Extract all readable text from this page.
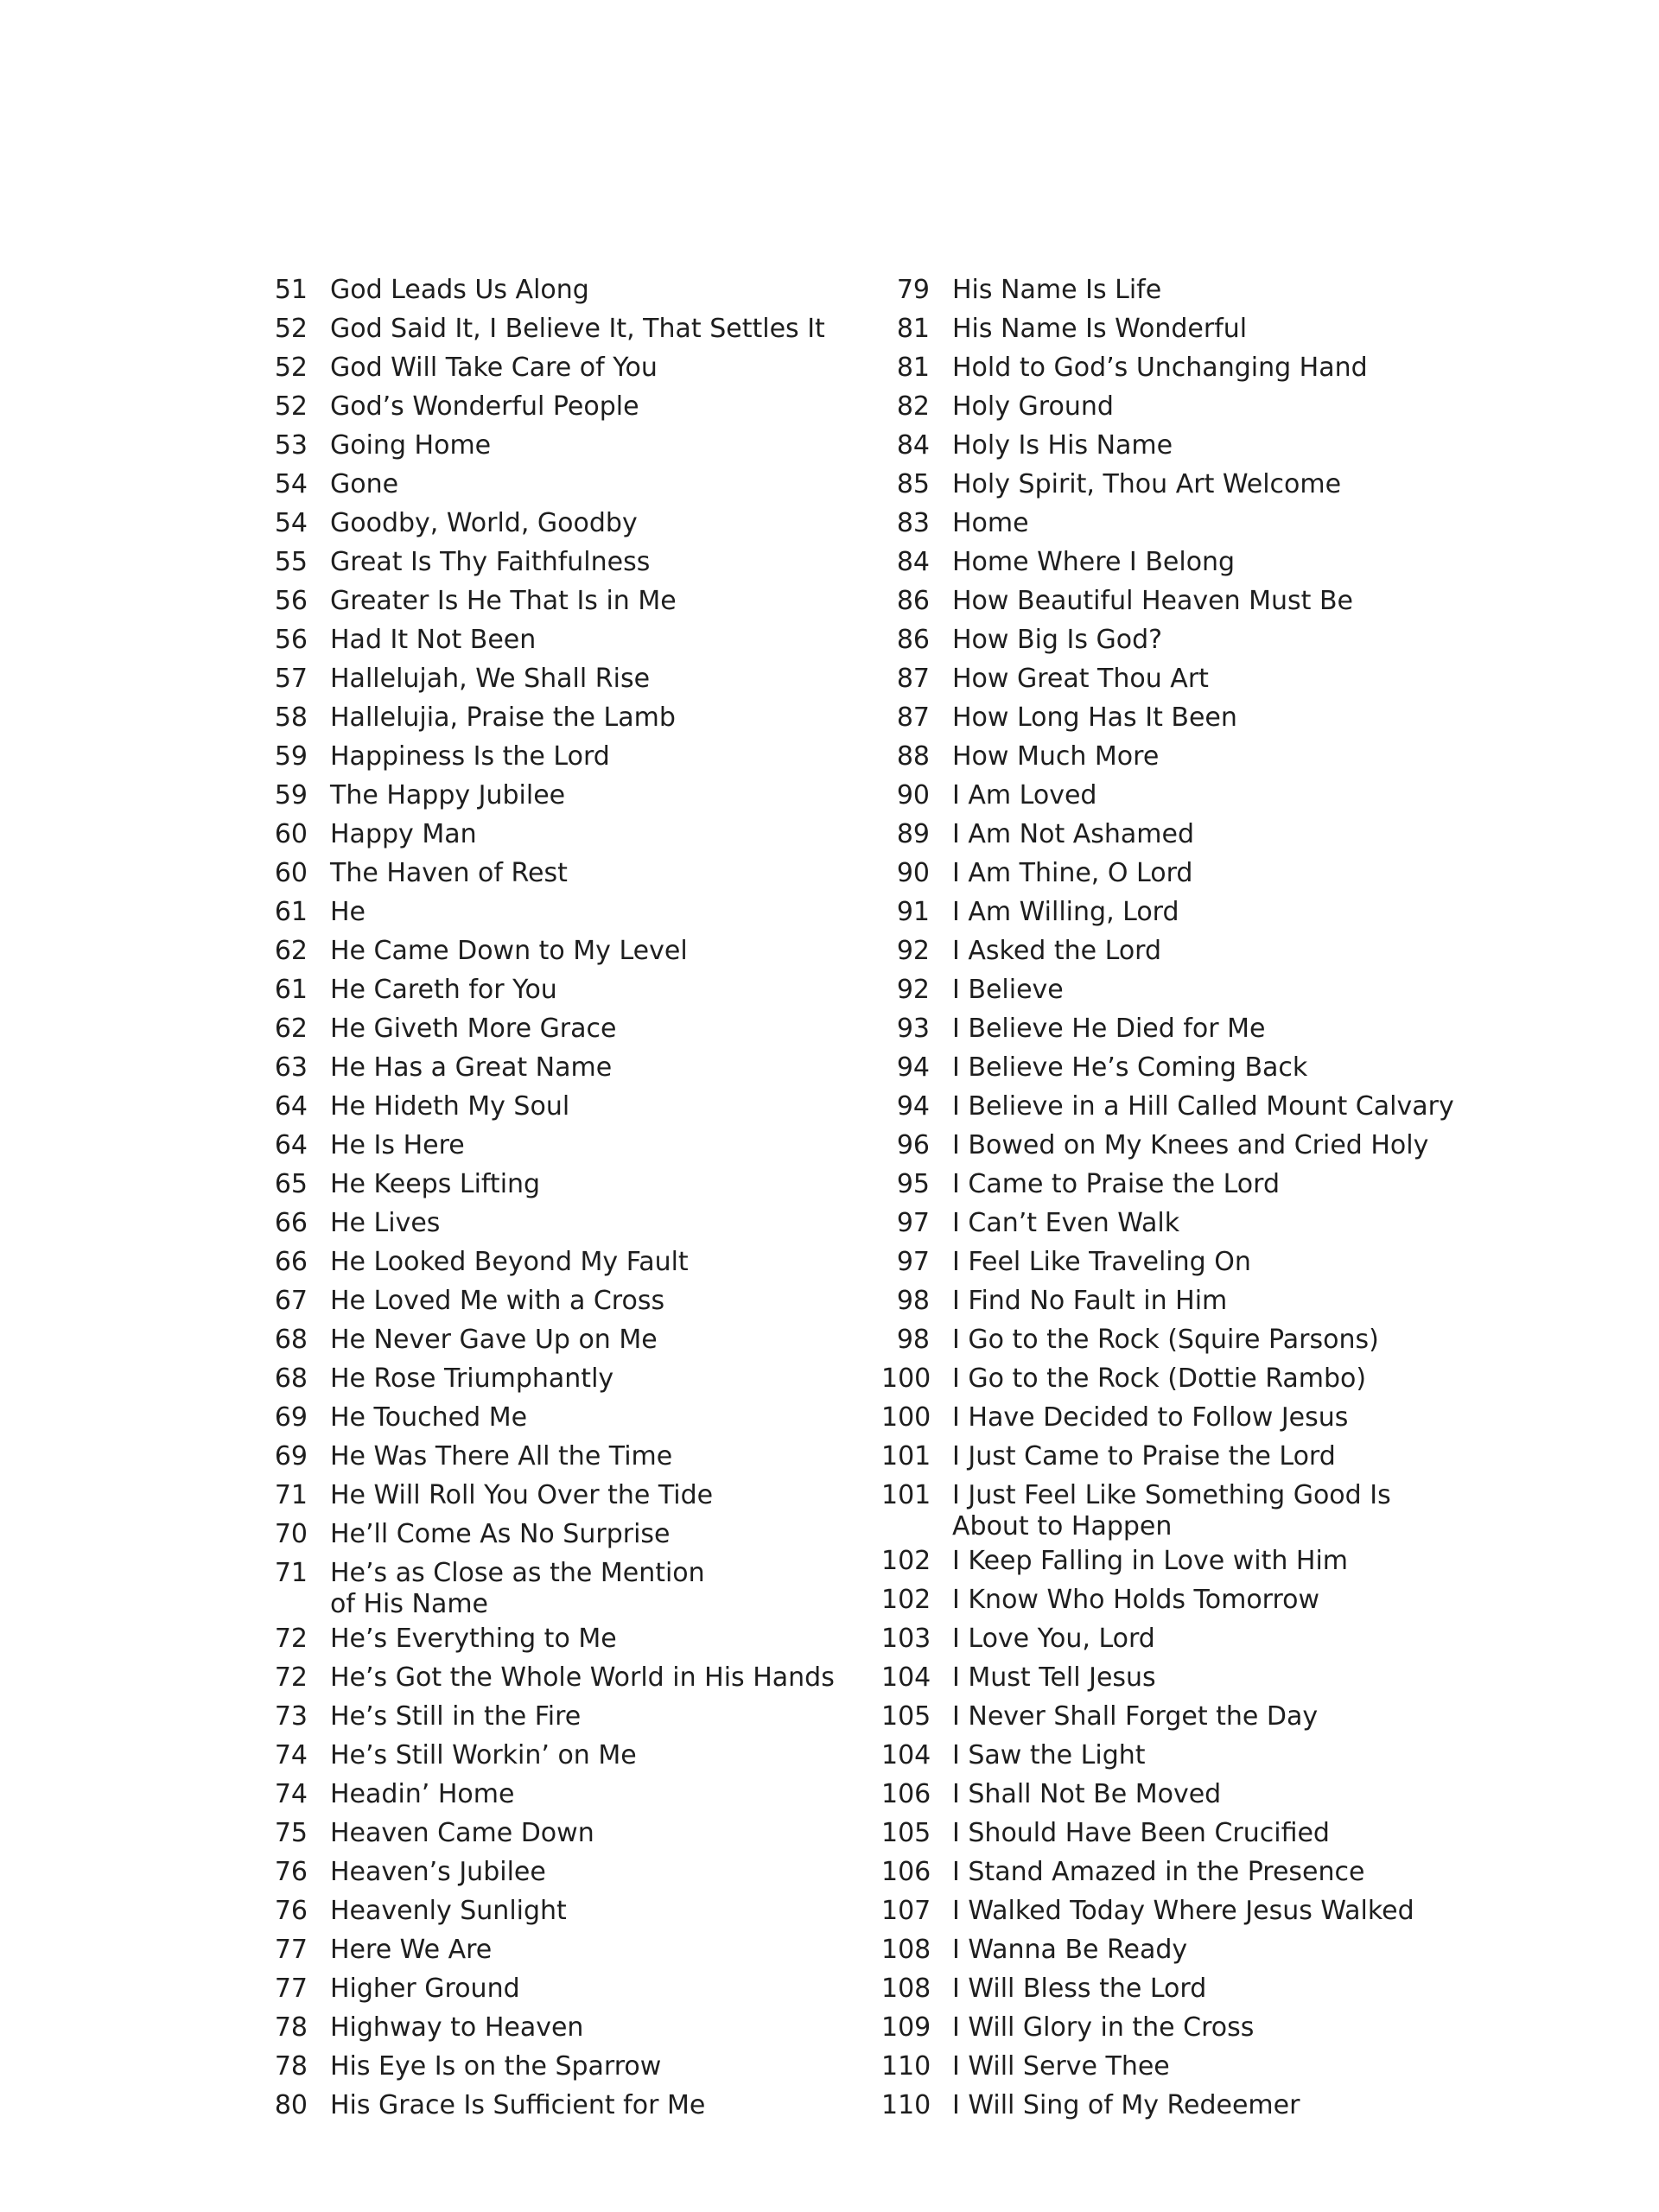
51 God Leads Us Along
52 God Said It, I Believe It, That Settles It
52 God Will Take Care of You
52 God’s Wonderful People
53 Going Home
54 Gone
54 Goodby, World, Goodby
55 Great Is Thy Faithfulness
56 Greater Is He That Is in Me
56 Had It Not Been
57 Hallelujah, We Shall Rise
58 Hallelujia, Praise the Lamb
59 Happiness Is the Lord
59 The Happy Jubilee
60 Happy Man
60 The Haven of Rest
61 He
62 He Came Down to My Level
61 He Careth for You
62 He Giveth More Grace
63 He Has a Great Name
64 He Hideth My Soul
64 He Is Here
65 He Keeps Lifting
66 He Lives
66 He Looked Beyond My Fault
67 He Loved Me with a Cross
68 He Never Gave Up on Me
68 He Rose Triumphantly
69 He Touched Me
69 He Was There All the Time
71 He Will Roll You Over the Tide
70 He’ll Come As No Surprise
71 He’s as Close as the Mention
of His Name
72 He’s Everything to Me
72 He’s Got the Whole World in His Hands
73 He’s Still in the Fire
74 He’s Still Workin’ on Me
74 Headin’ Home
75 Heaven Came Down
76 Heaven’s Jubilee
76 Heavenly Sunlight
77 Here We Are
77 Higher Ground
78 Highway to Heaven
78 His Eye Is on the Sparrow
80 His Grace Is Sufficient for Me
79 His Name Is Life
81 His Name Is Wonderful
81 Hold to God’s Unchanging Hand
82 Holy Ground
84 Holy Is His Name
85 Holy Spirit, Thou Art Welcome
83 Home
84 Home Where I Belong
86 How Beautiful Heaven Must Be
86 How Big Is God?
87 How Great Thou Art
87 How Long Has It Been
88 How Much More
90 I Am Loved
89 I Am Not Ashamed
90 I Am Thine, O Lord
91 I Am Willing, Lord
92 I Asked the Lord
92 I Believe
93 I Believe He Died for Me
94 I Believe He’s Coming Back
94 I Believe in a Hill Called Mount Calvary
96 I Bowed on My Knees and Cried Holy
95 I Came to Praise the Lord
97 I Can’t Even Walk
97 I Feel Like Traveling On
98 I Find No Fault in Him
98 I Go to the Rock (Squire Parsons)
100 I Go to the Rock (Dottie Rambo)
100 I Have Decided to Follow Jesus
101 I Just Came to Praise the Lord
101 I Just Feel Like Something Good Is
About to Happen
102 I Keep Falling in Love with Him
102 I Know Who Holds Tomorrow
103 I Love You, Lord
104 I Must Tell Jesus
105 I Never Shall Forget the Day
104 I Saw the Light
106 I Shall Not Be Moved
105 I Should Have Been Crucified
106 I Stand Amazed in the Presence
107 I Walked Today Where Jesus Walked
108 I Wanna Be Ready
108 I Will Bless the Lord
109 I Will Glory in the Cross
110 I Will Serve Thee
110 I Will Sing of My Redeemer
